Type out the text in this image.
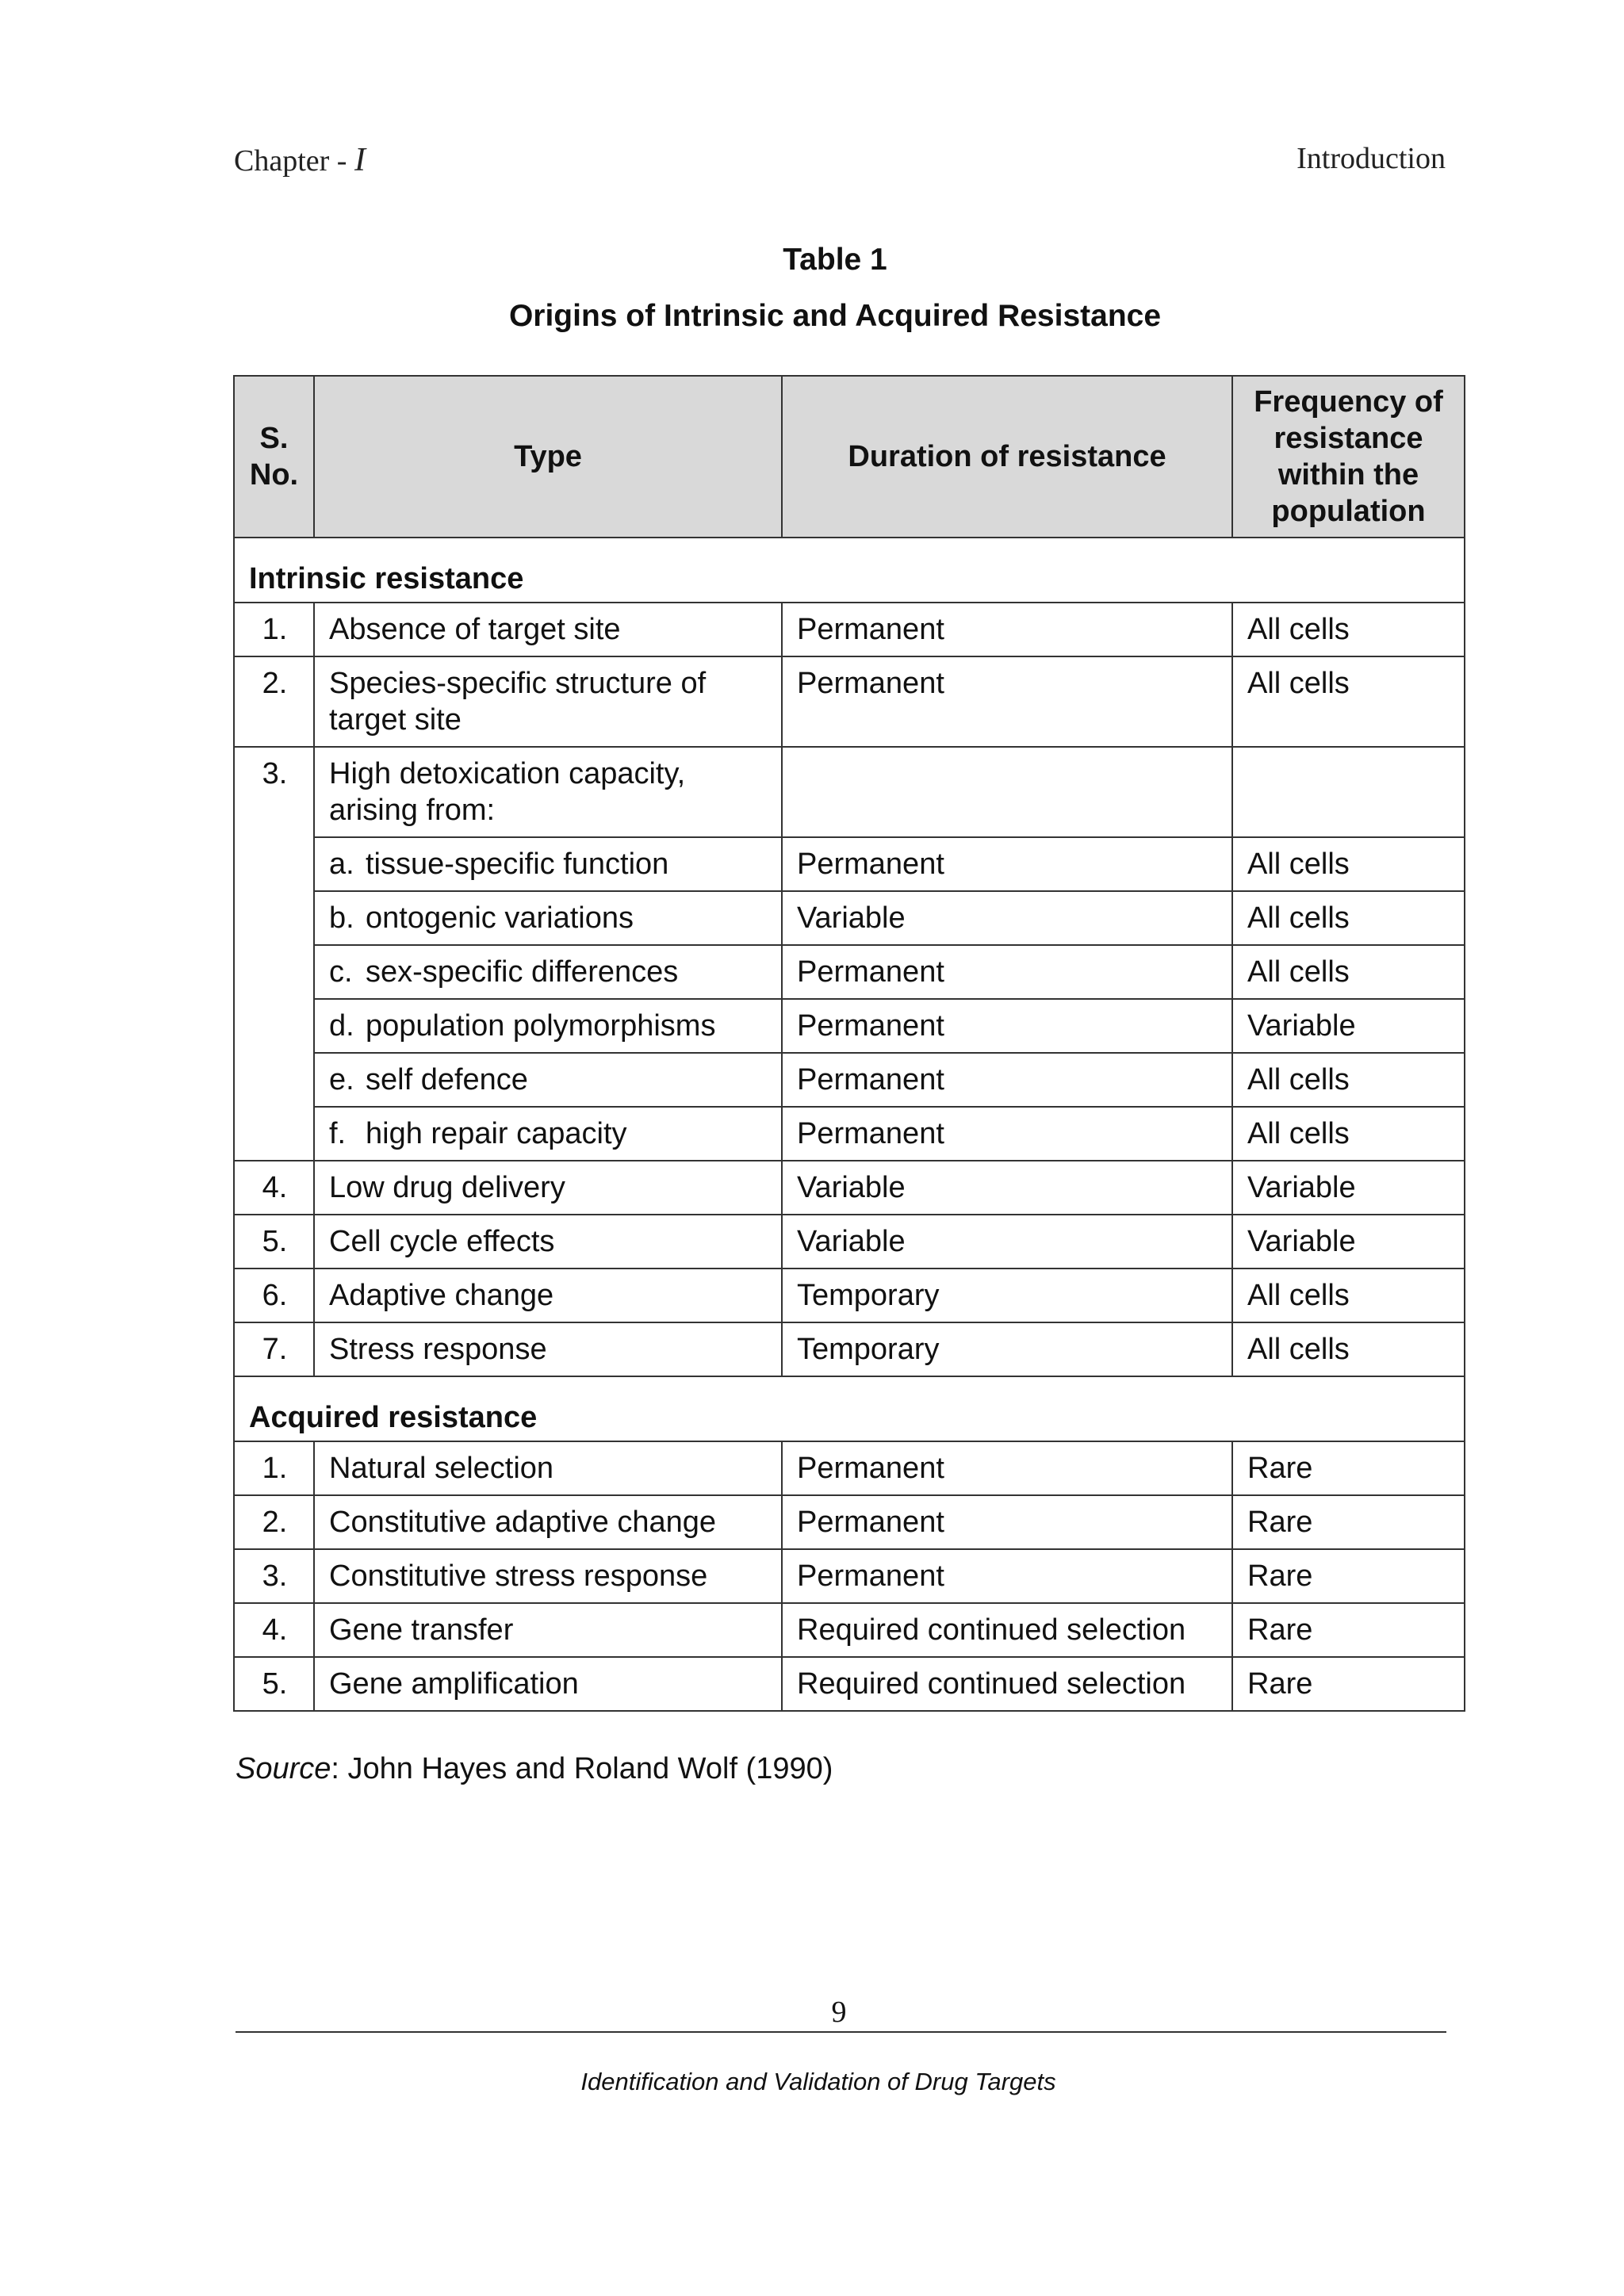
Chapter - I	Introduction
Table 1
Origins of Intrinsic and Acquired Resistance
S. No.	Type	Duration of resistance	Frequency of resistance within the population
Intrinsic resistance			
1.	Absence of target site	Permanent	All cells
2.	Species-specific structure of target site	Permanent	All cells
3.	High detoxication capacity, arising from:		
	a. tissue-specific function	Permanent	All cells
	b. ontogenic variations	Variable	All cells
	c. sex-specific differences	Permanent	All cells
	d. population polymorphisms	Permanent	Variable
	e. self defence	Permanent	All cells
	f. high repair capacity	Permanent	All cells
4.	Low drug delivery	Variable	Variable
5.	Cell cycle effects	Variable	Variable
6.	Adaptive change	Temporary	All cells
7.	Stress response	Temporary	All cells
Acquired resistance			
1.	Natural selection	Permanent	Rare
2.	Constitutive adaptive change	Permanent	Rare
3.	Constitutive stress response	Permanent	Rare
4.	Gene transfer	Required continued selection	Rare
5.	Gene amplification	Required continued selection	Rare
Source: John Hayes and Roland Wolf (1990)
9
Identification and Validation of Drug Targets
